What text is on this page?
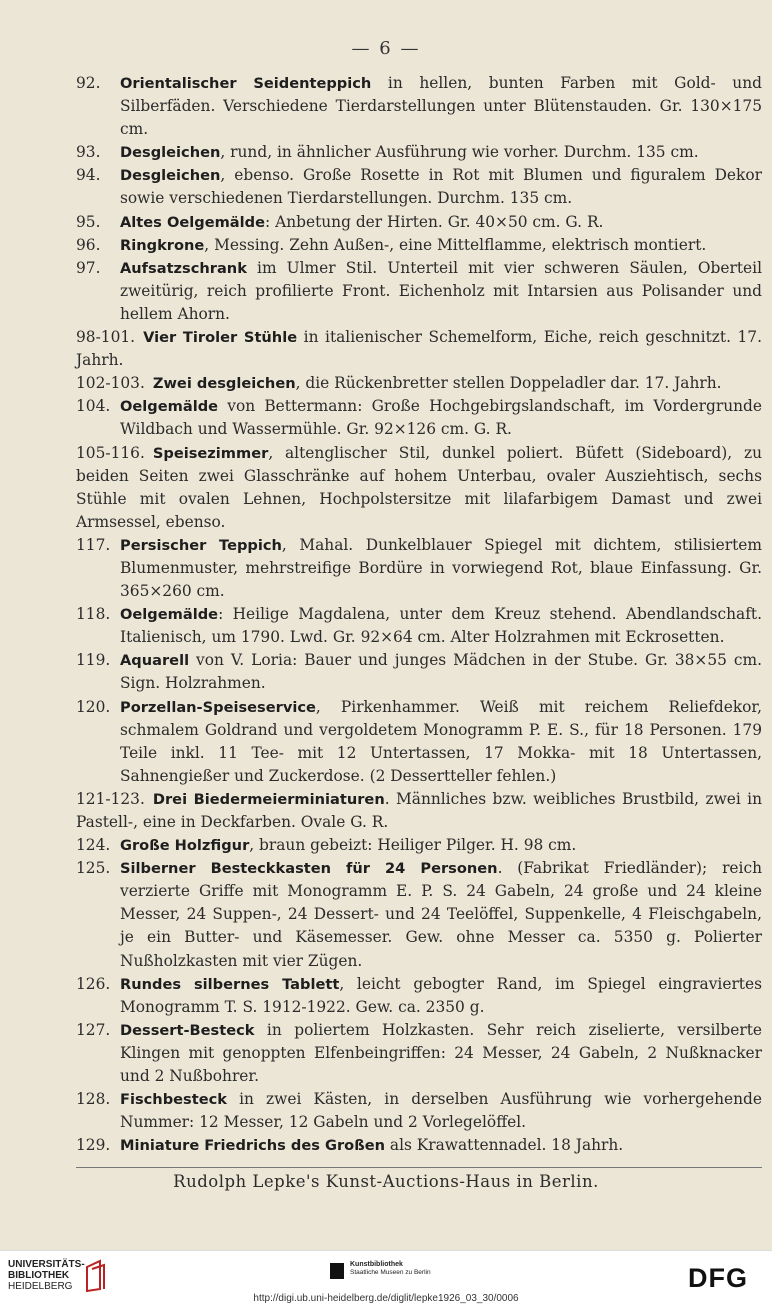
— 6 —
92. Orientalischer Seidenteppich in hellen, bunten Farben mit Gold- und Silberfäden. Verschiedene Tierdarstellungen unter Blütenstauden. Gr. 130×175 cm.
93. Desgleichen, rund, in ähnlicher Ausführung wie vorher. Durchm. 135 cm.
94. Desgleichen, ebenso. Große Rosette in Rot mit Blumen und figuralem Dekor sowie verschiedenen Tierdarstellungen. Durchm. 135 cm.
95. Altes Oelgemälde: Anbetung der Hirten. Gr. 40×50 cm. G. R.
96. Ringkrone, Messing. Zehn Außen-, eine Mittelflamme, elektrisch montiert.
97. Aufsatzschrank im Ulmer Stil. Unterteil mit vier schweren Säulen, Oberteil zweitürig, reich profilierte Front. Eichenholz mit Intarsien aus Polisander und hellem Ahorn.
98-101. Vier Tiroler Stühle in italienischer Schemelform, Eiche, reich geschnitzt. 17. Jahrh.
102-103. Zwei desgleichen, die Rückenbretter stellen Doppeladler dar. 17. Jahrh.
104. Oelgemälde von Bettermann: Große Hochgebirgslandschaft, im Vordergrunde Wildbach und Wassermühle. Gr. 92×126 cm. G. R.
105-116. Speisezimmer, altenglischer Stil, dunkel poliert. Büfett (Sideboard), zu beiden Seiten zwei Glasschränke auf hohem Unterbau, ovaler Ausziehtisch, sechs Stühle mit ovalen Lehnen, Hochpolstersitze mit lilafarbigem Damast und zwei Armsessel, ebenso.
117. Persischer Teppich, Mahal. Dunkelblauer Spiegel mit dichtem, stilisiertem Blumenmuster, mehrstreifige Bordüre in vorwiegend Rot, blaue Einfassung. Gr. 365×260 cm.
118. Oelgemälde: Heilige Magdalena, unter dem Kreuz stehend. Abendlandschaft. Italienisch, um 1790. Lwd. Gr. 92×64 cm. Alter Holzrahmen mit Eckrosetten.
119. Aquarell von V. Loria: Bauer und junges Mädchen in der Stube. Gr. 38×55 cm. Sign. Holzrahmen.
120. Porzellan-Speiseservice, Pirkenhammer. Weiß mit reichem Reliefdekor, schmalem Goldrand und vergoldetem Monogramm P. E. S., für 18 Personen. 179 Teile inkl. 11 Tee- mit 12 Untertassen, 17 Mokka- mit 18 Untertassen, Sahnengießer und Zuckerdose. (2 Dessertteller fehlen.)
121-123. Drei Biedermeierminiaturen. Männliches bzw. weibliches Brustbild, zwei in Pastell-, eine in Deckfarben. Ovale G. R.
124. Große Holzfigur, braun gebeizt: Heiliger Pilger. H. 98 cm.
125. Silberner Besteckkasten für 24 Personen. (Fabrikat Friedländer); reich verzierte Griffe mit Monogramm E. P. S. 24 Gabeln, 24 große und 24 kleine Messer, 24 Suppen-, 24 Dessert- und 24 Teelöffel, Suppenkelle, 4 Fleischgabeln, je ein Butter- und Käsemesser. Gew. ohne Messer ca. 5350 g. Polierter Nußholzkasten mit vier Zügen.
126. Rundes silbernes Tablett, leicht gebogter Rand, im Spiegel eingraviertes Monogramm T. S. 1912-1922. Gew. ca. 2350 g.
127. Dessert-Besteck in poliertem Holzkasten. Sehr reich ziselierte, versilberte Klingen mit genoppten Elfenbeingriffen: 24 Messer, 24 Gabeln, 2 Nußknacker und 2 Nußbohrer.
128. Fischbesteck in zwei Kästen, in derselben Ausführung wie vorhergehende Nummer: 12 Messer, 12 Gabeln und 2 Vorlegelöffel.
129. Miniature Friedrichs des Großen als Krawattennadel. 18 Jahrh.
Rudolph Lepke's Kunst-Auctions-Haus in Berlin.
UNIVERSITÄTS-
BIBLIOTHEK
HEIDELBERG
Kunstbibliothek
Staatliche Museen zu Berlin	DFG
http://digi.ub.uni-heidelberg.de/diglit/lepke1926_03_30/0006
